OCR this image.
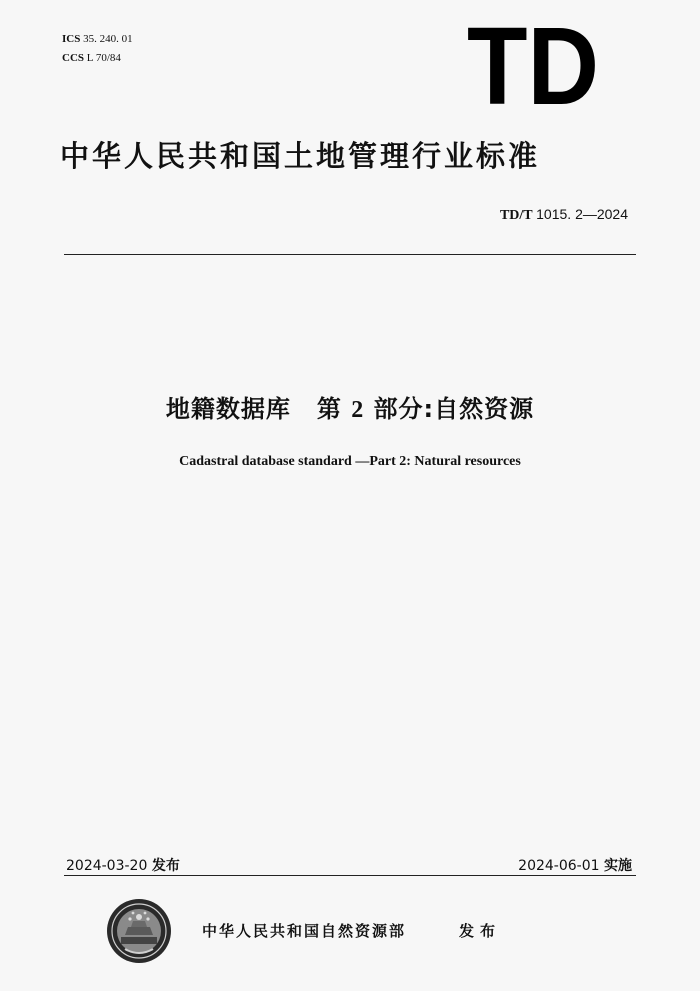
ICS 35. 240. 01
CCS L 70/84	TD
中华人民共和国土地管理行业标准
TD/T 1015. 2—2024
地籍数据库 第 2 部分:自然资源
Cadastral database standard —Part 2: Natural resources
2024-03-20 发布	2024-06-01 实施
中华人民共和国自然资源部	发布
